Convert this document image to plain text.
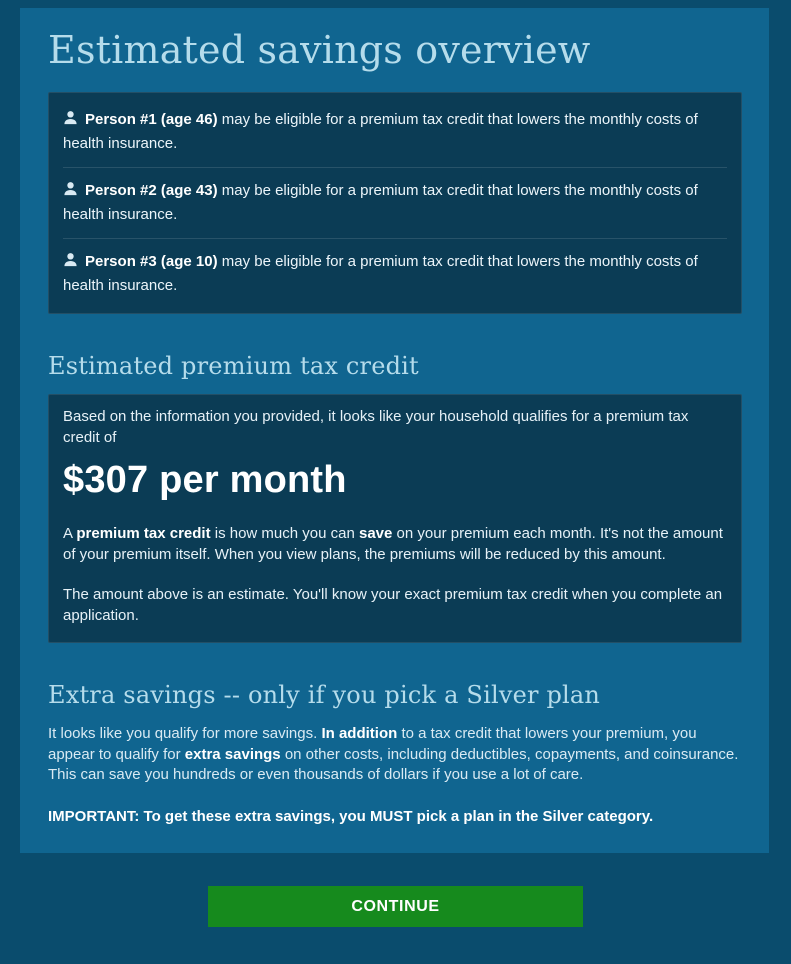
Estimated savings overview
Person #1 (age 46) may be eligible for a premium tax credit that lowers the monthly costs of health insurance.
Person #2 (age 43) may be eligible for a premium tax credit that lowers the monthly costs of health insurance.
Person #3 (age 10) may be eligible for a premium tax credit that lowers the monthly costs of health insurance.
Estimated premium tax credit
Based on the information you provided, it looks like your household qualifies for a premium tax credit of
$307 per month
A premium tax credit is how much you can save on your premium each month. It's not the amount of your premium itself. When you view plans, the premiums will be reduced by this amount.
The amount above is an estimate. You'll know your exact premium tax credit when you complete an application.
Extra savings -- only if you pick a Silver plan
It looks like you qualify for more savings. In addition to a tax credit that lowers your premium, you appear to qualify for extra savings on other costs, including deductibles, copayments, and coinsurance. This can save you hundreds or even thousands of dollars if you use a lot of care.
IMPORTANT: To get these extra savings, you MUST pick a plan in the Silver category.
CONTINUE
